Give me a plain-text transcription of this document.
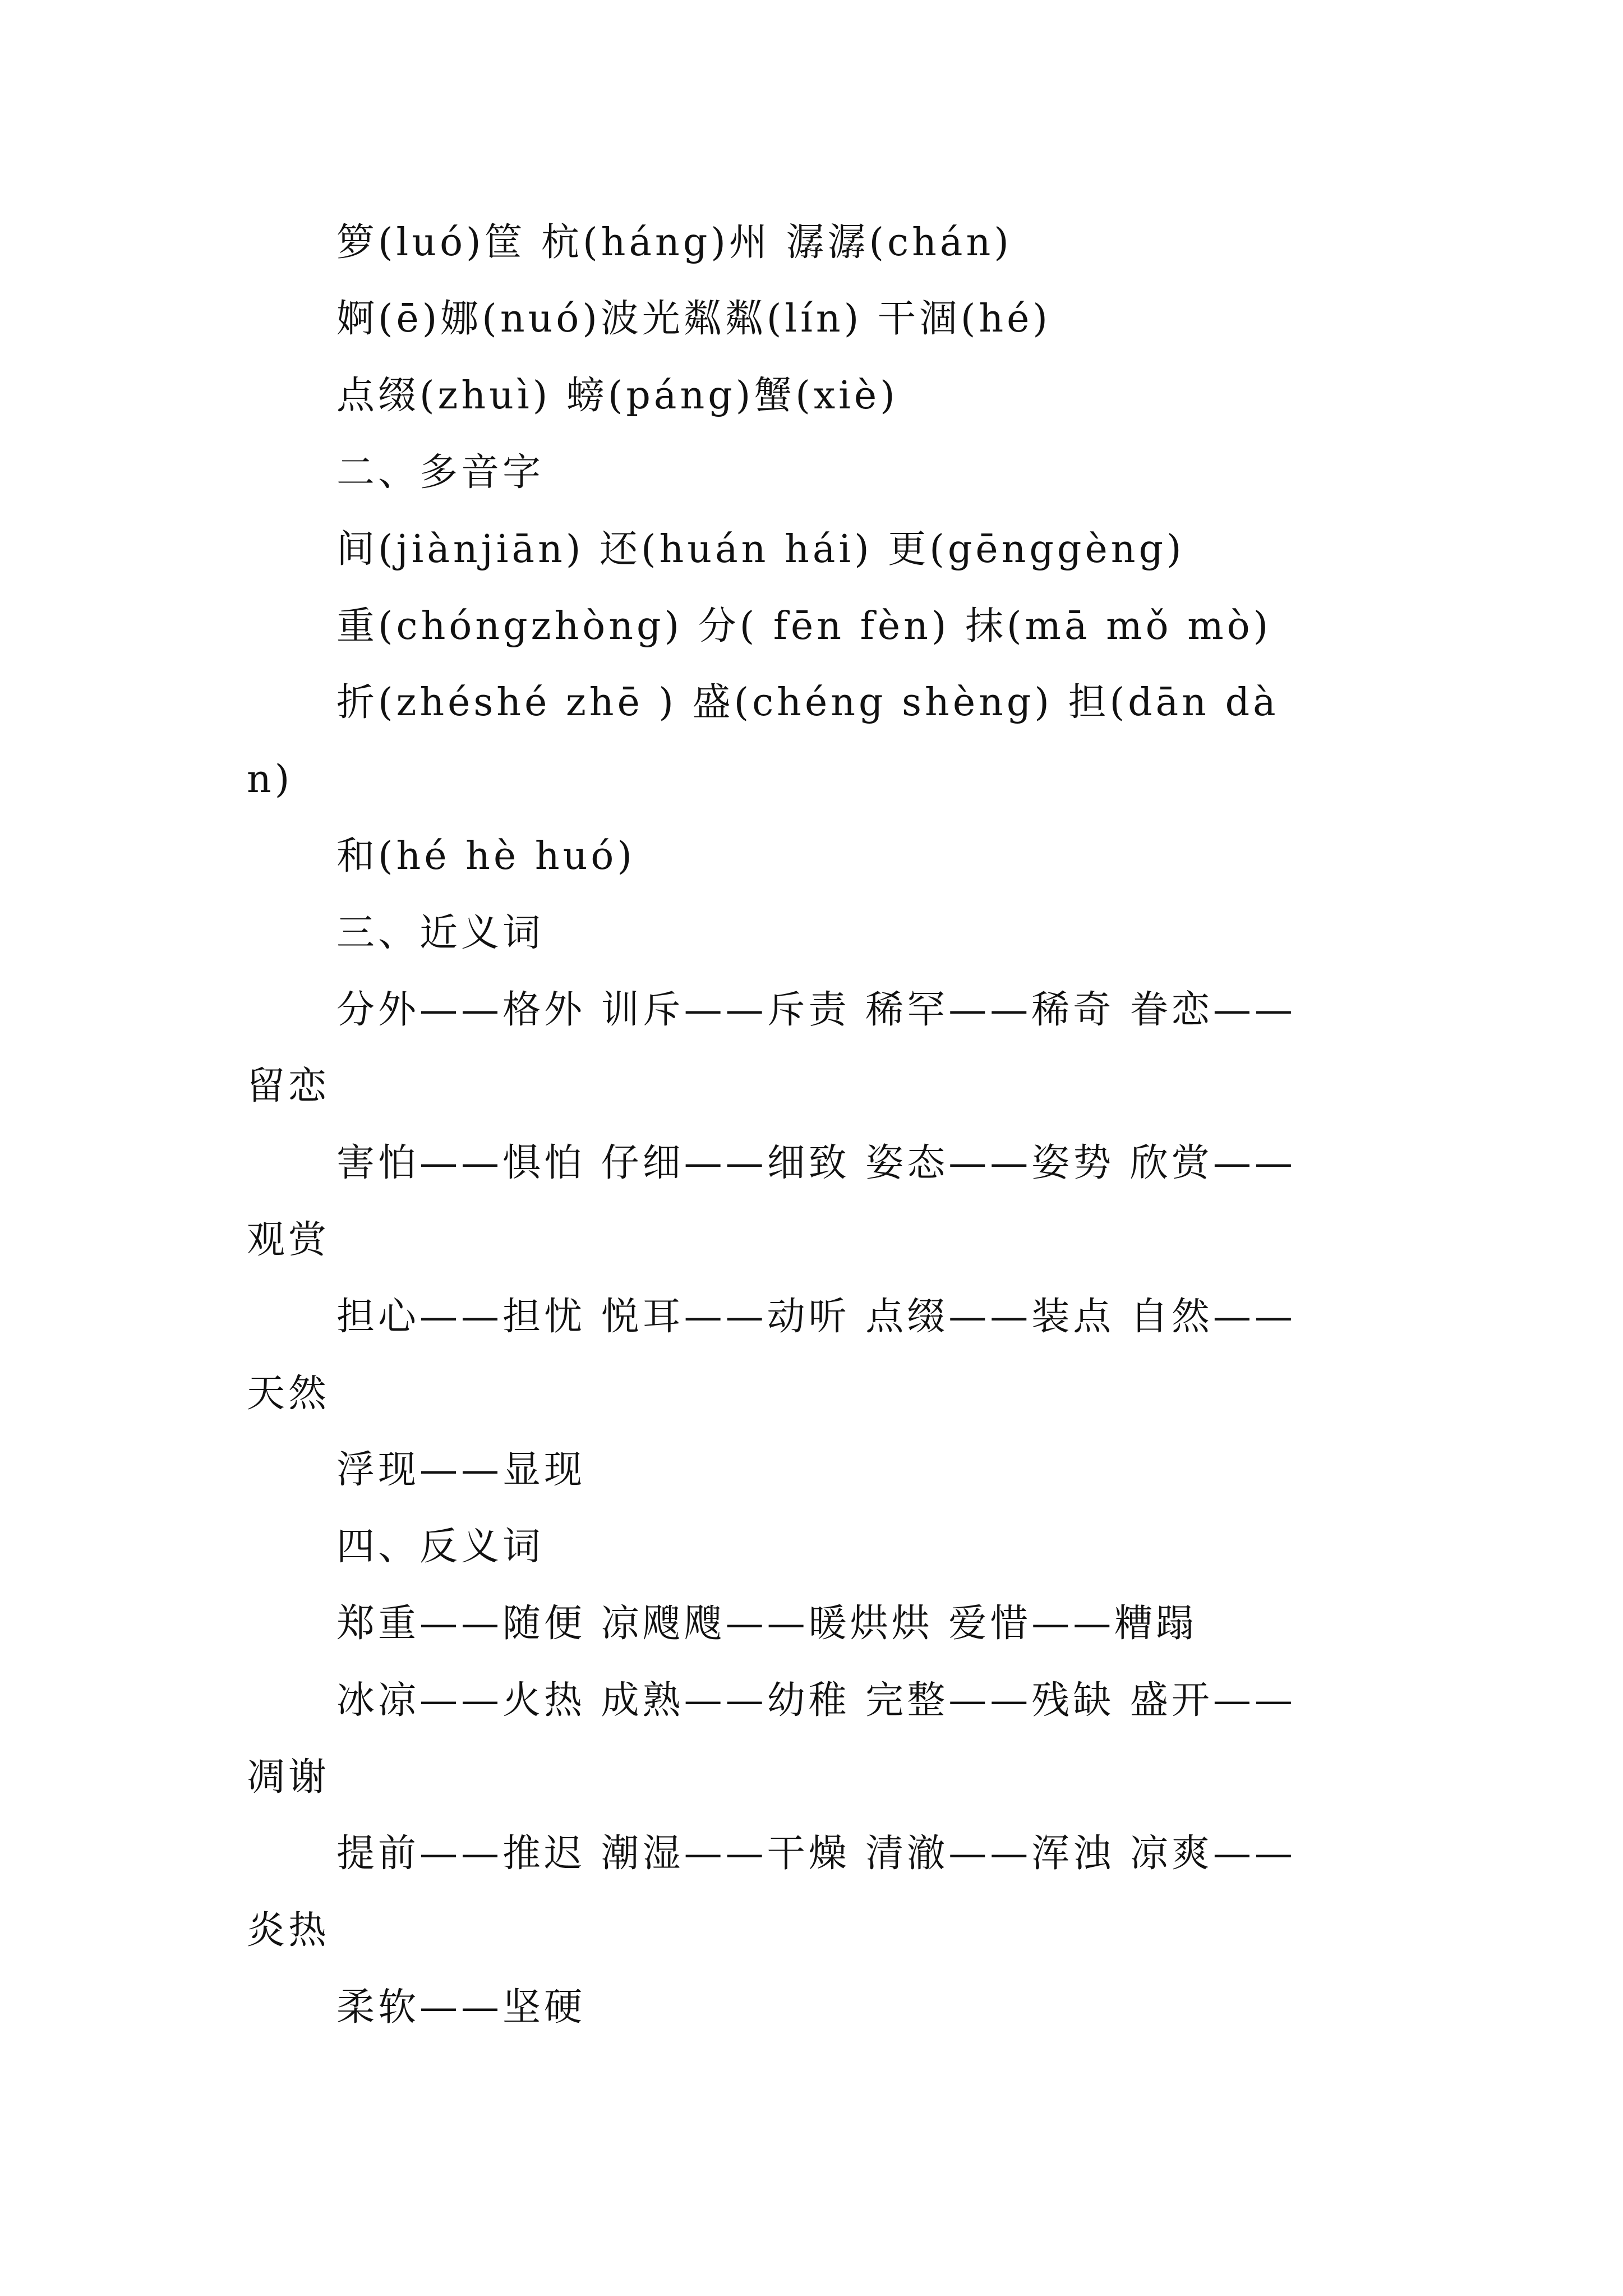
箩(luó)筐 杭(háng)州 潺潺(chán)
婀(ē)娜(nuó)波光粼粼(lín) 干涸(hé)
点缀(zhuì) 螃(páng)蟹(xiè)
二、多音字
间(jiànjiān) 还(huán hái) 更(gēnggèng)
重(chóngzhòng) 分( fēn fèn) 抹(mā mǒ mò)
折(zhéshé zhē ) 盛(chéng shèng) 担(dān dà
n)
和(hé hè huó)
三、近义词
分外——格外 训斥——斥责 稀罕——稀奇 眷恋——
留恋
害怕——惧怕 仔细——细致 姿态——姿势 欣赏——
观赏
担心——担忧 悦耳——动听 点缀——装点 自然——
天然
浮现——显现
四、反义词
郑重——随便 凉飕飕——暖烘烘 爱惜——糟蹋
冰凉——火热 成熟——幼稚 完整——残缺 盛开——
凋谢
提前——推迟 潮湿——干燥 清澈——浑浊 凉爽——
炎热
柔软——坚硬
